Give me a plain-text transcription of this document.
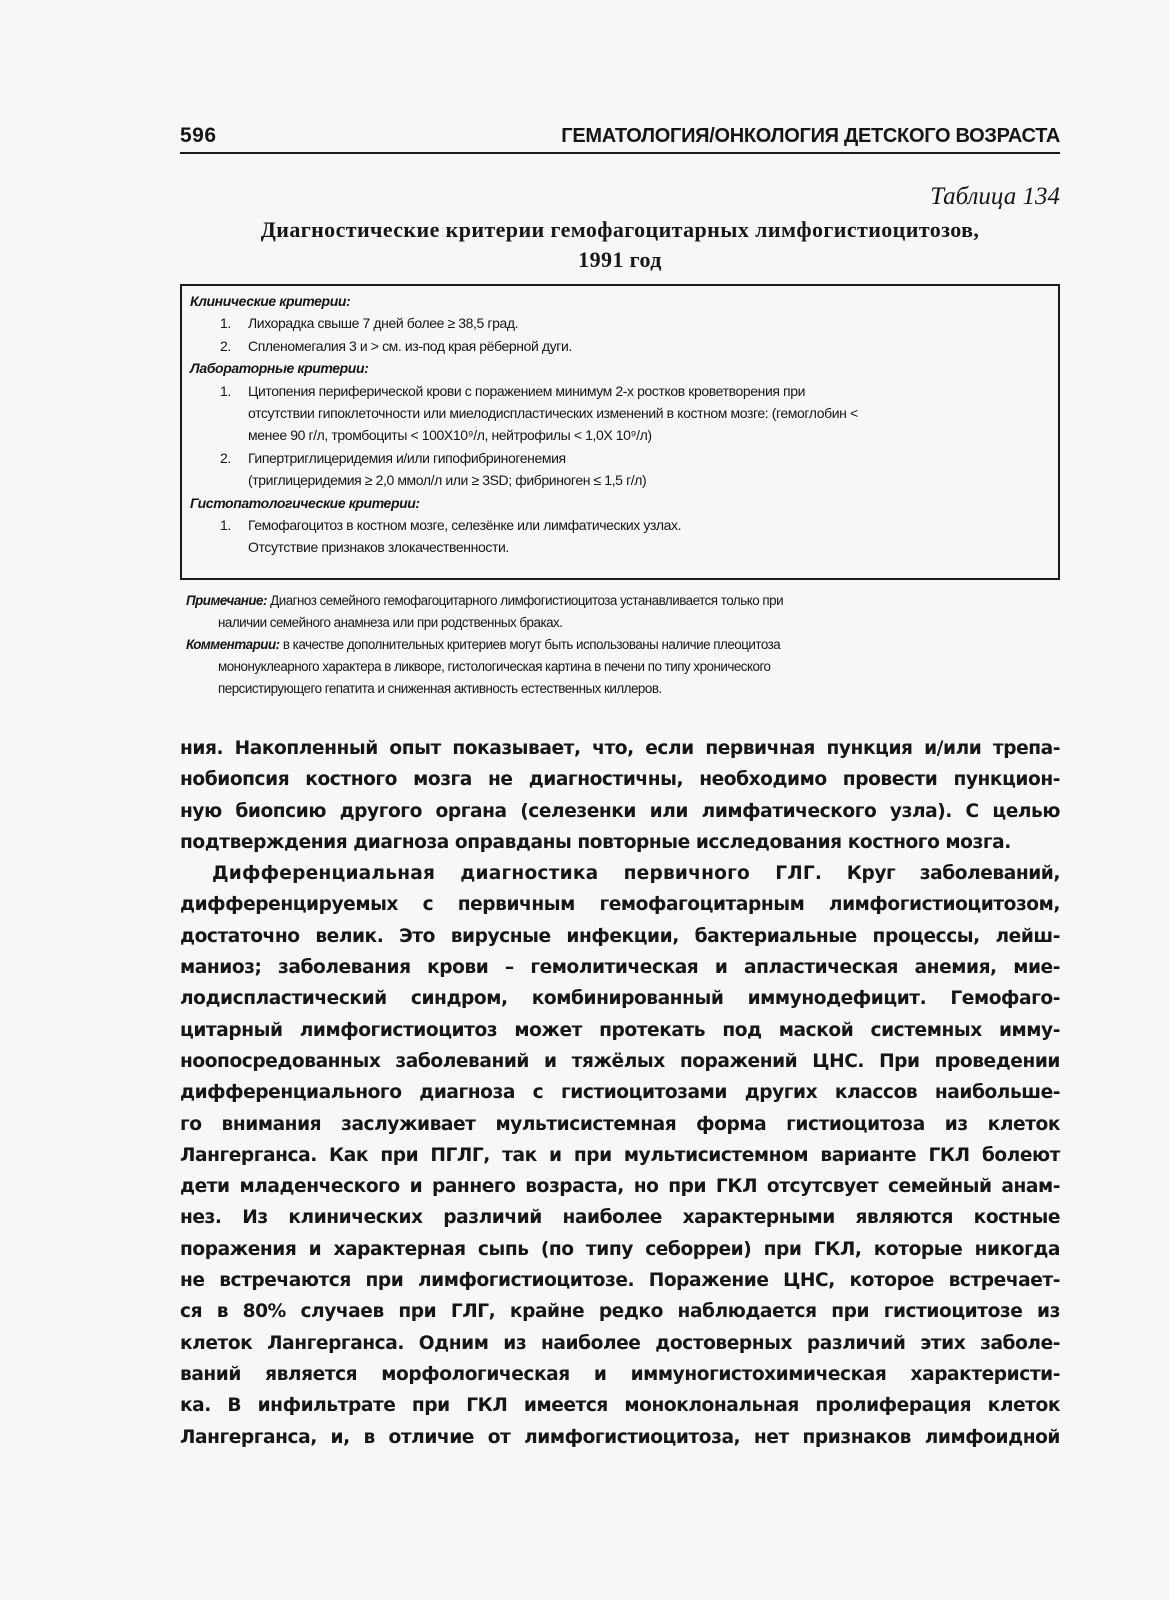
596	ГЕМАТОЛОГИЯ/ОНКОЛОГИЯ ДЕТСКОГО ВОЗРАСТА
Таблица 134
Диагностические критерии гемофагоцитарных лимфогистиоцитозов,
1991 год
Клинические критерии:
1.	Лихорадка свыше 7 дней более ≥ 38,5 град.
2.	Спленомегалия 3 и > см. из-под края рёберной дуги.
Лабораторные критерии:
1.	Цитопения периферической крови с поражением минимум 2-х ростков кроветворения при
отсутствии гипоклеточности или миелодиспластических изменений в костном мозге: (гемоглобин <
менее 90 г/л, тромбоциты < 100Х10⁹/л, нейтрофилы < 1,0Х 10⁹/л)
2.	Гипертриглицеридемия и/или гипофибриногенемия
(триглицеридемия ≥ 2,0 ммол/л или ≥ 3SD; фибриноген ≤ 1,5 г/л)
Гистопатологические критерии:
1.	Гемофагоцитоз в костном мозге, селезёнке или лимфатических узлах.
Отсутствие признаков злокачественности.
Примечание: Диагноз семейного гемофагоцитарного лимфогистиоцитоза устанавливается только при
наличии семейного анамнеза или при родственных браках.
Комментарии: в качестве дополнительных критериев могут быть использованы наличие плеоцитоза
мононуклеарного характера в ликворе, гистологическая картина в печени по типу хронического
персистирующего гепатита и сниженная активность естественных киллеров.
ния. Накопленный опыт показывает, что, если первичная пункция и/или трепа-
нобиопсия костного мозга не диагностичны, необходимо провести пункцион-
ную биопсию другого органа (селезенки или лимфатического узла). С целью
подтверждения диагноза оправданы повторные исследования костного мозга.
Дифференциальная диагностика первичного ГЛГ. Круг заболеваний,
дифференцируемых с первичным гемофагоцитарным лимфогистиоцитозом,
достаточно велик. Это вирусные инфекции, бактериальные процессы, лейш-
маниоз; заболевания крови – гемолитическая и апластическая анемия, мие-
лодиспластический синдром, комбинированный иммунодефицит. Гемофаго-
цитарный лимфогистиоцитоз может протекать под маской системных имму-
ноопосредованных заболеваний и тяжёлых поражений ЦНС. При проведении
дифференциального диагноза с гистиоцитозами других классов наибольше-
го внимания заслуживает мультисистемная форма гистиоцитоза из клеток
Лангерганса. Как при ПГЛГ, так и при мультисистемном варианте ГКЛ болеют
дети младенческого и раннего возраста, но при ГКЛ отсутсвует семейный анам-
нез. Из клинических различий наиболее характерными являются костные
поражения и характерная сыпь (по типу себорреи) при ГКЛ, которые никогда
не встречаются при лимфогистиоцитозе. Поражение ЦНС, которое встречает-
ся в 80% случаев при ГЛГ, крайне редко наблюдается при гистиоцитозе из
клеток Лангерганса. Одним из наиболее достоверных различий этих заболе-
ваний является морфологическая и иммуногистохимическая характеристи-
ка. В инфильтрате при ГКЛ имеется моноклональная пролиферация клеток
Лангерганса, и, в отличие от лимфогистиоцитоза, нет признаков лимфоидной
